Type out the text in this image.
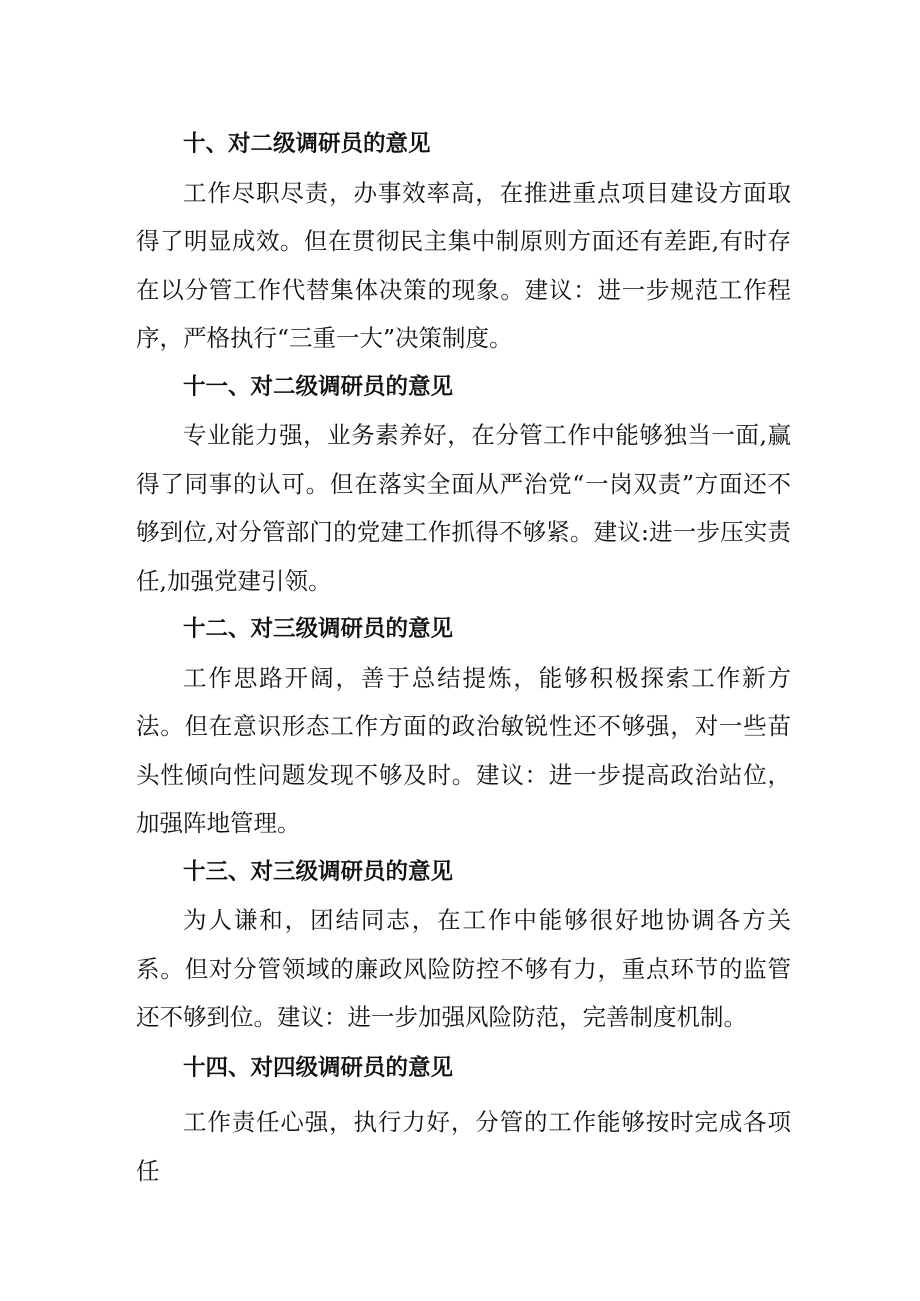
十、对二级调研员的意见

工作尽职尽责，办事效率高，在推进重点项目建设方面取得了明显成效。但在贯彻民主集中制原则方面还有差距,有时存在以分管工作代替集体决策的现象。建议：进一步规范工作程序，严格执行“三重一大”决策制度。

十一、对二级调研员的意见

专业能力强，业务素养好，在分管工作中能够独当一面,赢得了同事的认可。但在落实全面从严治党“一岗双责”方面还不够到位,对分管部门的党建工作抓得不够紧。建议:进一步压实责任,加强党建引领。

十二、对三级调研员的意见

工作思路开阔，善于总结提炼，能够积极探索工作新方法。但在意识形态工作方面的政治敏锐性还不够强，对一些苗头性倾向性问题发现不够及时。建议：进一步提高政治站位，加强阵地管理。

十三、对三级调研员的意见

为人谦和，团结同志，在工作中能够很好地协调各方关系。但对分管领域的廉政风险防控不够有力，重点环节的监管还不够到位。建议：进一步加强风险防范，完善制度机制。

十四、对四级调研员的意见

工作责任心强，执行力好，分管的工作能够按时完成各项任
